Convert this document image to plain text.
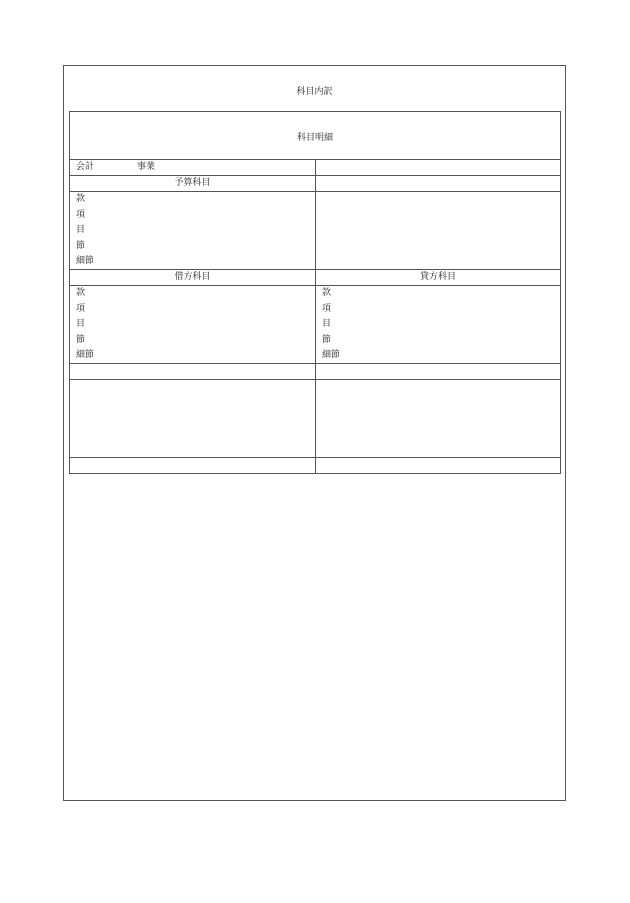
科目内訳
科目明細
会計	事業
予算科目
款
項
目
節
細節
借方科目	貸方科目
款
項
目
節
細節
款
項
目
節
細節
